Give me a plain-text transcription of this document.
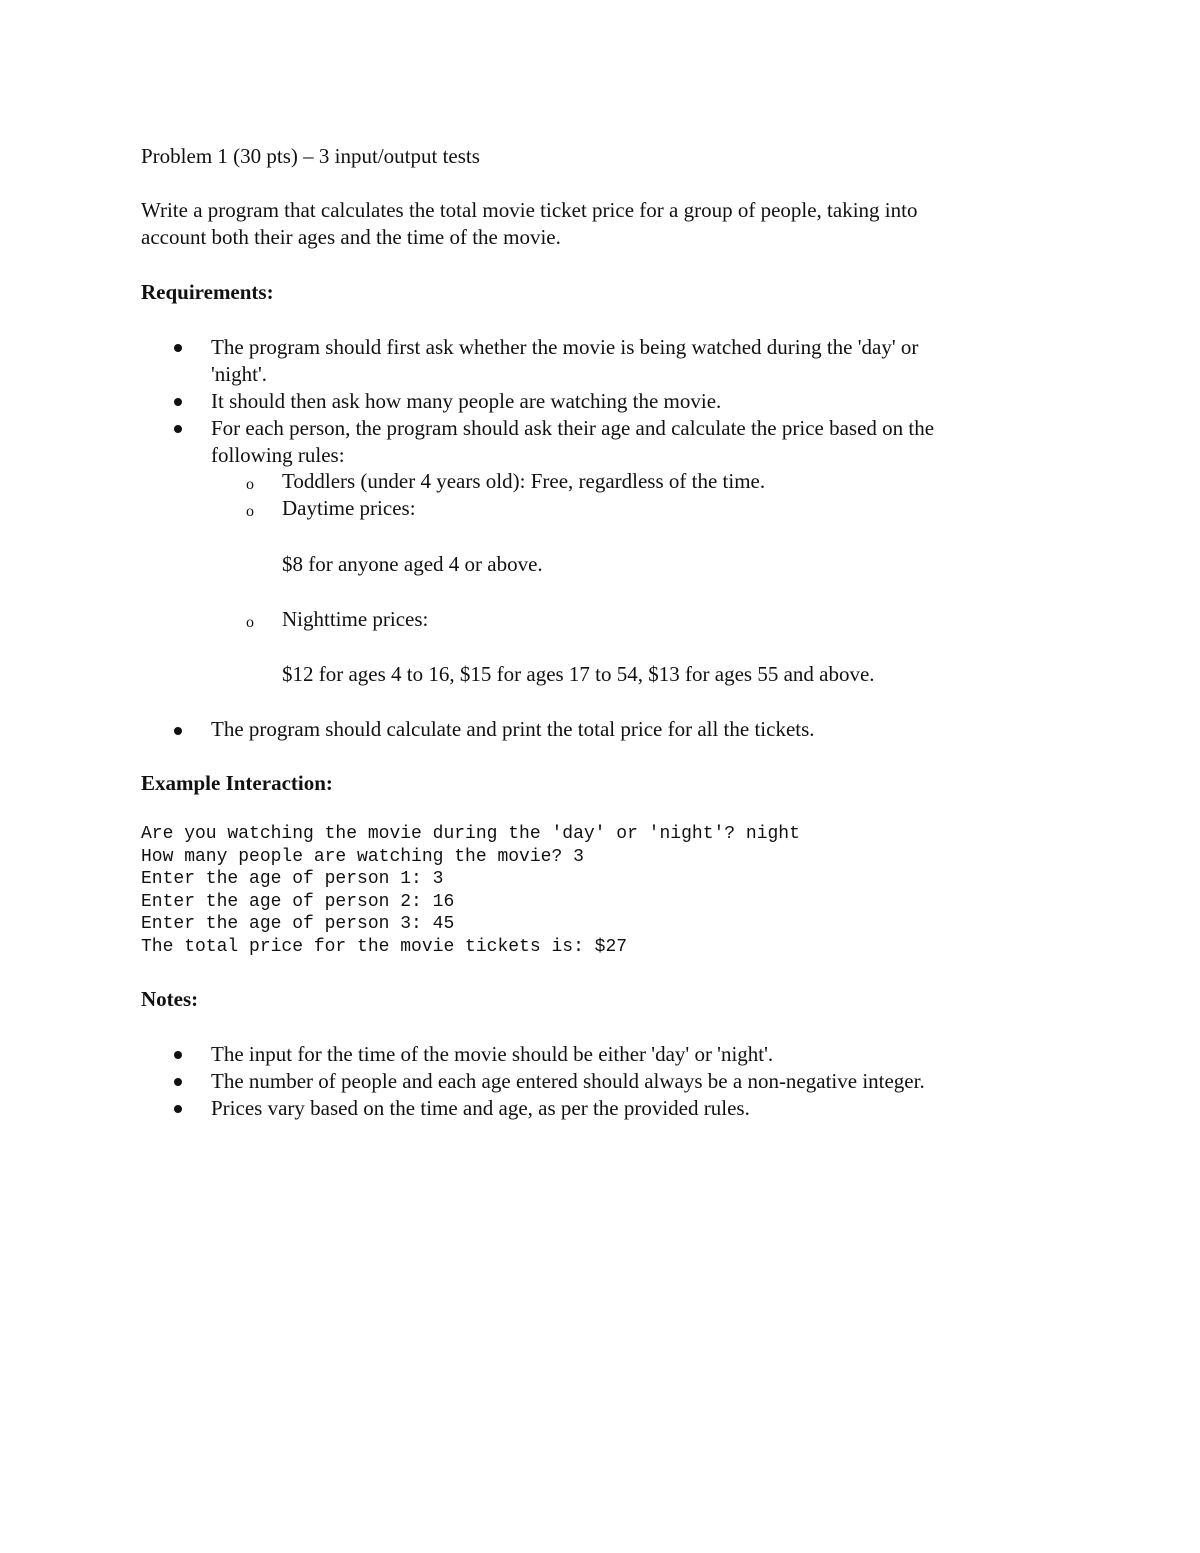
Problem 1 (30 pts) – 3 input/output tests
Write a program that calculates the total movie ticket price for a group of people, taking into
account both their ages and the time of the movie.
Requirements:
The program should first ask whether the movie is being watched during the 'day' or
'night'.
It should then ask how many people are watching the movie.
For each person, the program should ask their age and calculate the price based on the
following rules:
o Toddlers (under 4 years old): Free, regardless of the time.
o Daytime prices:
$8 for anyone aged 4 or above.
o Nighttime prices:
$12 for ages 4 to 16, $15 for ages 17 to 54, $13 for ages 55 and above.
The program should calculate and print the total price for all the tickets.
Example Interaction:
Are you watching the movie during the 'day' or 'night'? night
How many people are watching the movie? 3
Enter the age of person 1: 3
Enter the age of person 2: 16
Enter the age of person 3: 45
The total price for the movie tickets is: $27
Notes:
The input for the time of the movie should be either 'day' or 'night'.
The number of people and each age entered should always be a non-negative integer.
Prices vary based on the time and age, as per the provided rules.
